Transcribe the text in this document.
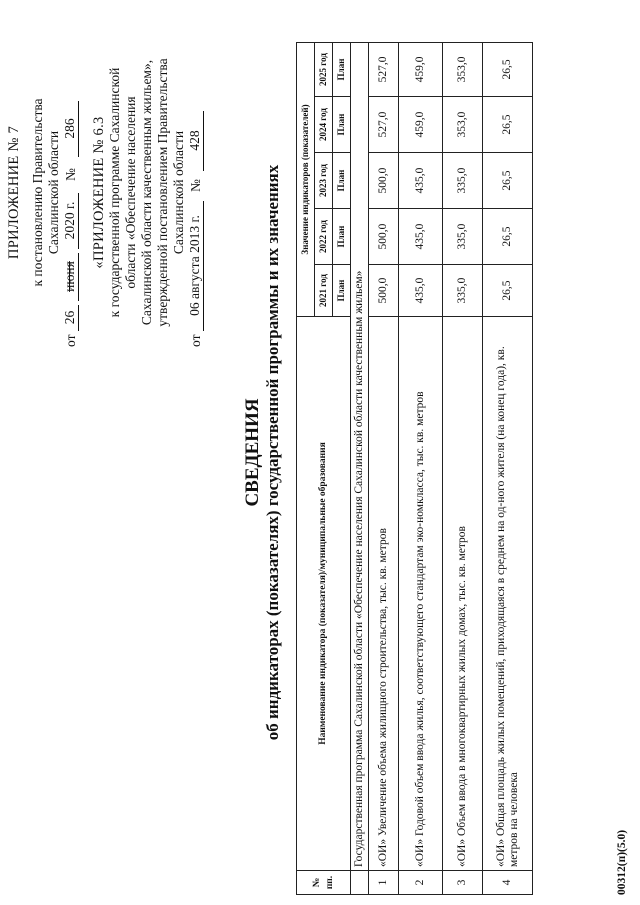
ПРИЛОЖЕНИЕ № 7 к постановлению Правительства Сахалинской области
от
26
июня
2020 г.
№
286 «ПРИЛОЖЕНИЕ № 6.3 к государственной программе Сахалинской области «Обеспечение населения Сахалинской области качественным жильем», утвержденной постановлением Правительства Сахалинской области
от
06 августа 2013 г.
№
428
СВЕДЕНИЯ об индикаторах (показателях) государственной программы и их значениях
№ пп.	Наименование индикатора (показателя)/муниципальные образования	Значение индикаторов (показателей)				
		2021 год	2022 год	2023 год	2024 год	2025 год
		План	План	План	План	План
	Государственная программа Сахалинской области «Обеспечение населения Сахалинской области качественным жильем»					
1	«ОИ» Увеличение объема жилищного строительства, тыс. кв. метров	500,0	500,0	500,0	527,0	527,0
2	«ОИ» Годовой объем ввода жилья, соответствующего стандартам эко-номкласса, тыс. кв. метров	435,0	435,0	435,0	459,0	459,0
3	«ОИ» Объем ввода в многоквартирных жилых домах, тыс. кв. метров	335,0	335,0	335,0	353,0	353,0
4	«ОИ» Общая площадь жилых помещений, приходящаяся в среднем на од-ного жителя (на конец года), кв. метров на человека	26,5	26,5	26,5	26,5	26,5
00312(п)(5.0)
